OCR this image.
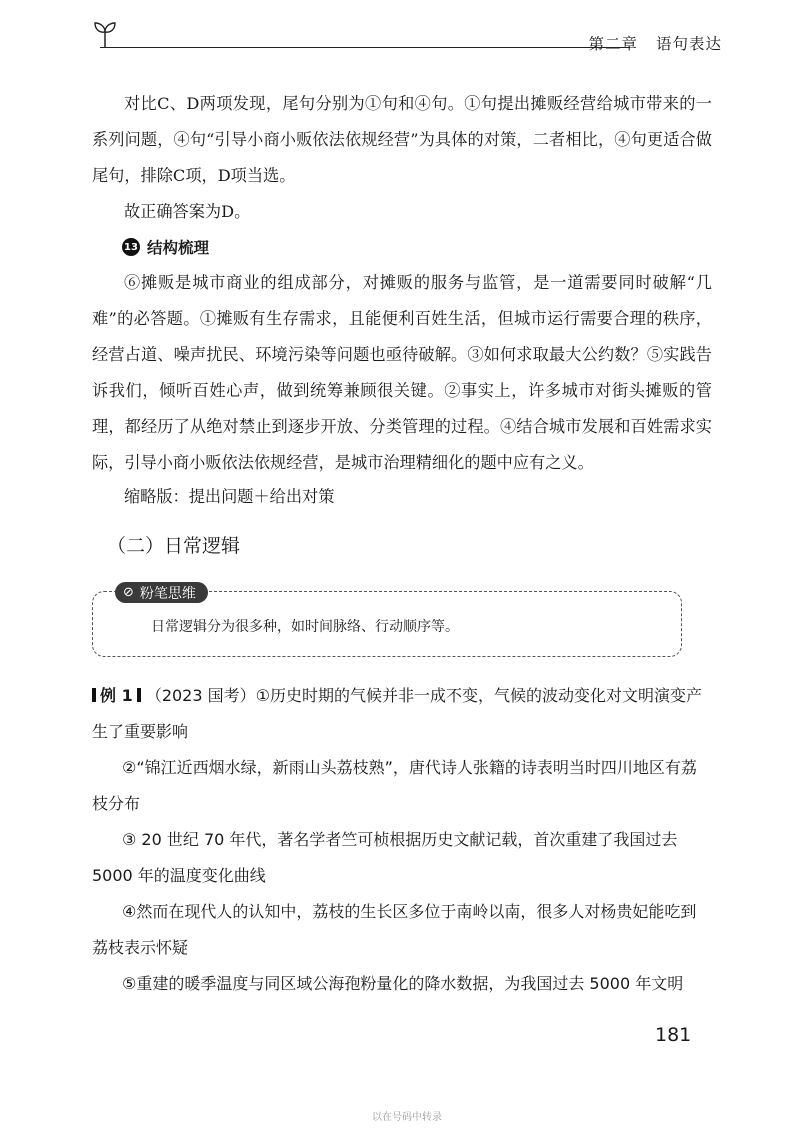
第二章 语句表达

对比C、D两项发现，尾句分别为①句和④句。①句提出摊贩经营给城市带来的一系列问题，④句“引导小商小贩依法依规经营”为具体的对策，二者相比，④句更适合做尾句，排除C项，D项当选。

故正确答案为D。

13 结构梳理

⑥摊贩是城市商业的组成部分，对摊贩的服务与监管，是一道需要同时破解“几难”的必答题。①摊贩有生存需求，且能便利百姓生活，但城市运行需要合理的秩序，经营占道、噪声扰民、环境污染等问题也亟待破解。③如何求取最大公约数？⑤实践告诉我们，倾听百姓心声，做到统筹兼顾很关键。②事实上，许多城市对街头摊贩的管理，都经历了从绝对禁止到逐步开放、分类管理的过程。④结合城市发展和百姓需求实际，引导小商小贩依法依规经营，是城市治理精细化的题中应有之义。

缩略版：提出问题＋给出对策

（二）日常逻辑
⊘ 粉笔思维
日常逻辑分为很多种，如时间脉络、行动顺序等。

例 1 （2023 国考）①历史时期的气候并非一成不变，气候的波动变化对文明演变产生了重要影响

②“锦江近西烟水绿，新雨山头荔枝熟”，唐代诗人张籍的诗表明当时四川地区有荔枝分布

③ 20 世纪 70 年代，著名学者竺可桢根据历史文献记载，首次重建了我国过去 5000 年的温度变化曲线

④然而在现代人的认知中，荔枝的生长区多位于南岭以南，很多人对杨贵妃能吃到荔枝表示怀疑

⑤重建的暖季温度与同区域公海孢粉量化的降水数据，为我国过去 5000 年文明

181
以在号码中转录
